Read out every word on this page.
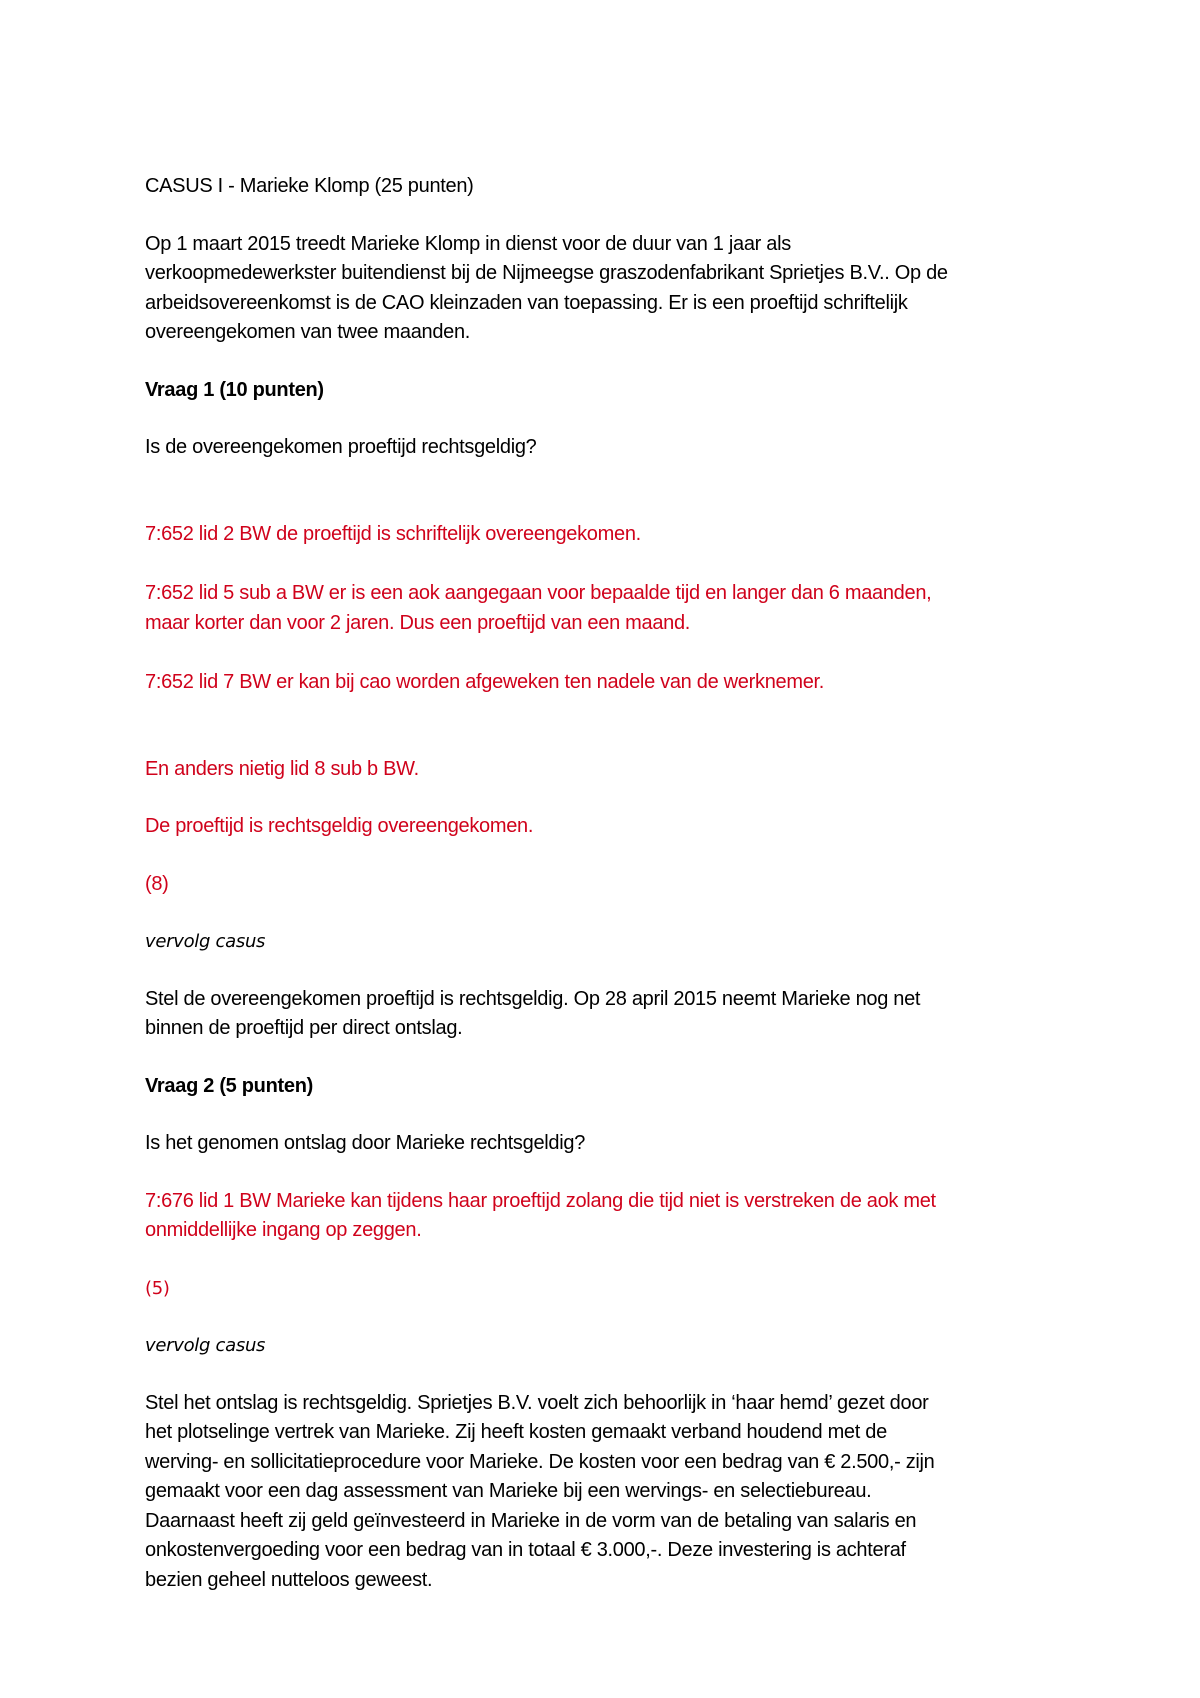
CASUS I - Marieke Klomp (25 punten)
Op 1 maart 2015 treedt Marieke Klomp in dienst voor de duur van 1 jaar als
verkoopmedewerkster buitendienst bij de Nijmeegse graszodenfabrikant Sprietjes B.V.. Op de
arbeidsovereenkomst is de CAO kleinzaden van toepassing. Er is een proeftijd schriftelijk
overeengekomen van twee maanden.
Vraag 1 (10 punten)
Is de overeengekomen proeftijd rechtsgeldig?

7:652 lid 2 BW de proeftijd is schriftelijk overeengekomen.

7:652 lid 5 sub a BW er is een aok aangegaan voor bepaalde tijd en langer dan 6 maanden,
maar korter dan voor 2 jaren. Dus een proeftijd van een maand.

7:652 lid 7 BW er kan bij cao worden afgeweken ten nadele van de werknemer.

En anders nietig lid 8 sub b BW.
De proeftijd is rechtsgeldig overeengekomen.
(8)
vervolg casus
Stel de overeengekomen proeftijd is rechtsgeldig. Op 28 april 2015 neemt Marieke nog net
binnen de proeftijd per direct ontslag.
Vraag 2 (5 punten)
Is het genomen ontslag door Marieke rechtsgeldig?
7:676 lid 1 BW Marieke kan tijdens haar proeftijd zolang die tijd niet is verstreken de aok met
onmiddellijke ingang op zeggen.
(5)
vervolg casus
Stel het ontslag is rechtsgeldig. Sprietjes B.V. voelt zich behoorlijk in ‘haar hemd’ gezet door
het plotselinge vertrek van Marieke. Zij heeft kosten gemaakt verband houdend met de
werving- en sollicitatieprocedure voor Marieke. De kosten voor een bedrag van € 2.500,- zijn
gemaakt voor een dag assessment van Marieke bij een wervings- en selectiebureau.
Daarnaast heeft zij geld geïnvesteerd in Marieke in de vorm van de betaling van salaris en
onkostenvergoeding voor een bedrag van in totaal € 3.000,-. Deze investering is achteraf
bezien geheel nutteloos geweest.
